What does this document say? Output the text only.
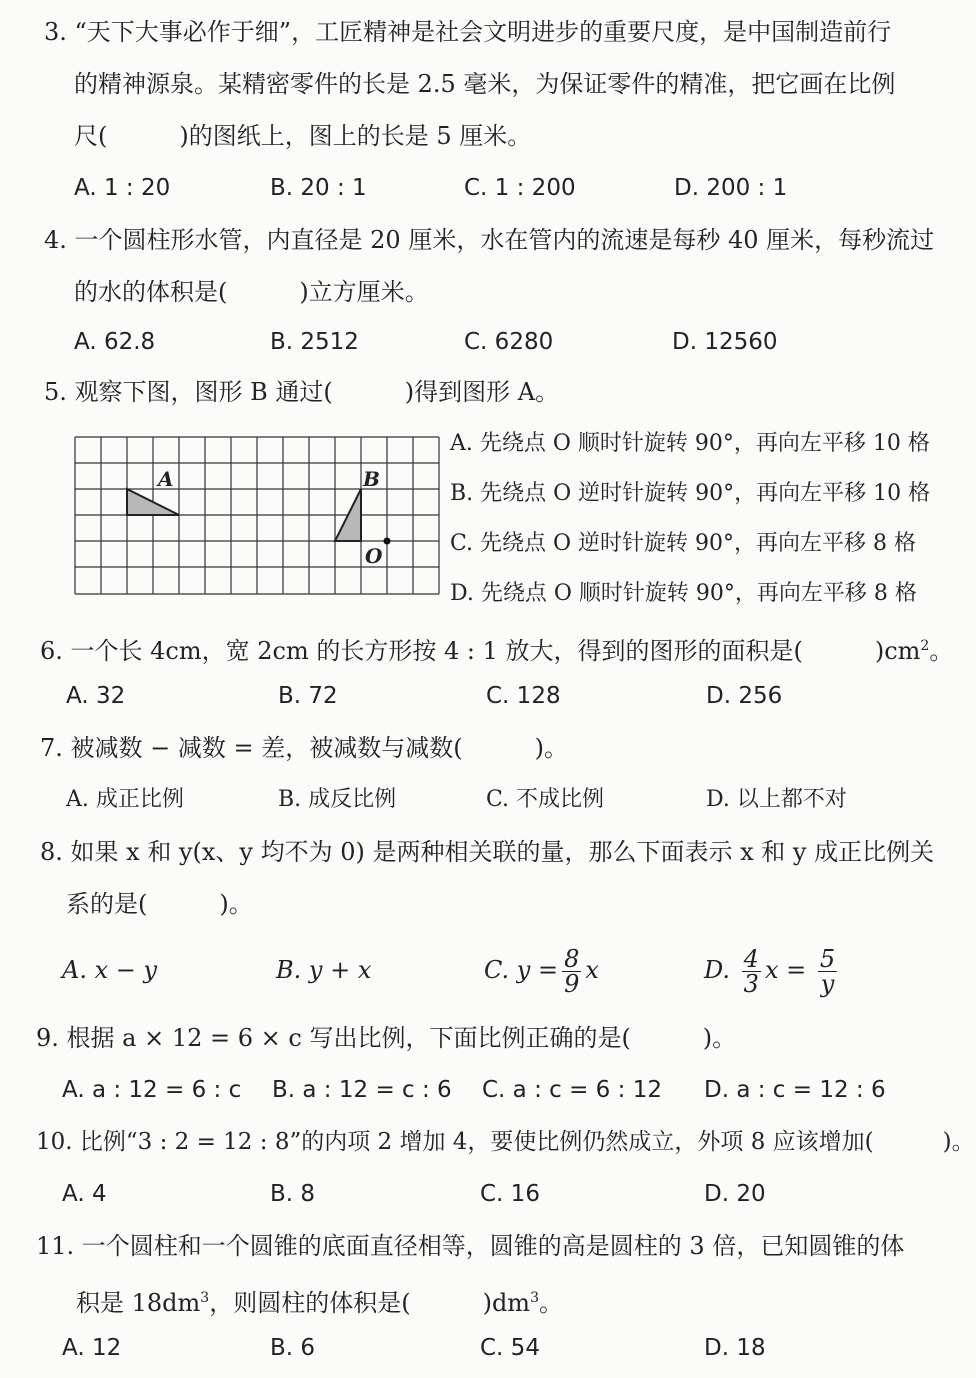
3. “天下大事必作于细”，工匠精神是社会文明进步的重要尺度，是中国制造前行
的精神源泉。某精密零件的长是 2.5 毫米，为保证零件的精准，把它画在比例
尺(　　　)的图纸上，图上的长是 5 厘米。
A. 1 : 20	B. 20 : 1	C. 1 : 200	D. 200 : 1
4. 一个圆柱形水管，内直径是 20 厘米，水在管内的流速是每秒 40 厘米，每秒流过
的水的体积是(　　　)立方厘米。
A. 62.8	B. 2512	C. 6280	D. 12560
5. 观察下图，图形 B 通过(　　　)得到图形 A。
A	B
O
A. 先绕点 O 顺时针旋转 90°，再向左平移 10 格
B. 先绕点 O 逆时针旋转 90°，再向左平移 10 格
C. 先绕点 O 逆时针旋转 90°，再向左平移 8 格
D. 先绕点 O 顺时针旋转 90°，再向左平移 8 格
6. 一个长 4cm，宽 2cm 的长方形按 4 : 1 放大，得到的图形的面积是(　　　)$cm^2$。
A. 32	B. 72	C. 128	D. 256
7. 被减数 − 减数 = 差，被减数与减数(　　　)。
A. 成正比例	B. 成反比例	C. 不成比例	D. 以上都不对
8. 如果 x 和 y(x、y 均不为 0) 是两种相关联的量，那么下面表示 x 和 y 成正比例关
系的是(　　　)。
A. x − y	B. y + x	C. $y = \frac{8}{9}$ x	D. $\frac{4}{3}$ $x = \frac{5}{y}$
9. 根据 a × 12 = 6 × c 写出比例，下面比例正确的是(　　　)。
A. a : 12 = 6 : c B. a : 12 = c : 6 C. a : c = 6 : 12 D. a : c = 12 : 6
10. 比例“3 : 2 = 12 : 8”的内项 2 增加 4，要使比例仍然成立，外项 8 应该增加(　　　)。
A. 4	B. 8	C. 16	D. 20
11. 一个圆柱和一个圆锥的底面直径相等，圆锥的高是圆柱的 3 倍，已知圆锥的体
积是 $18dm^3$，则圆柱的体积是(　　　)$dm^3$。
A. 12	B. 6	C. 54	D. 18
